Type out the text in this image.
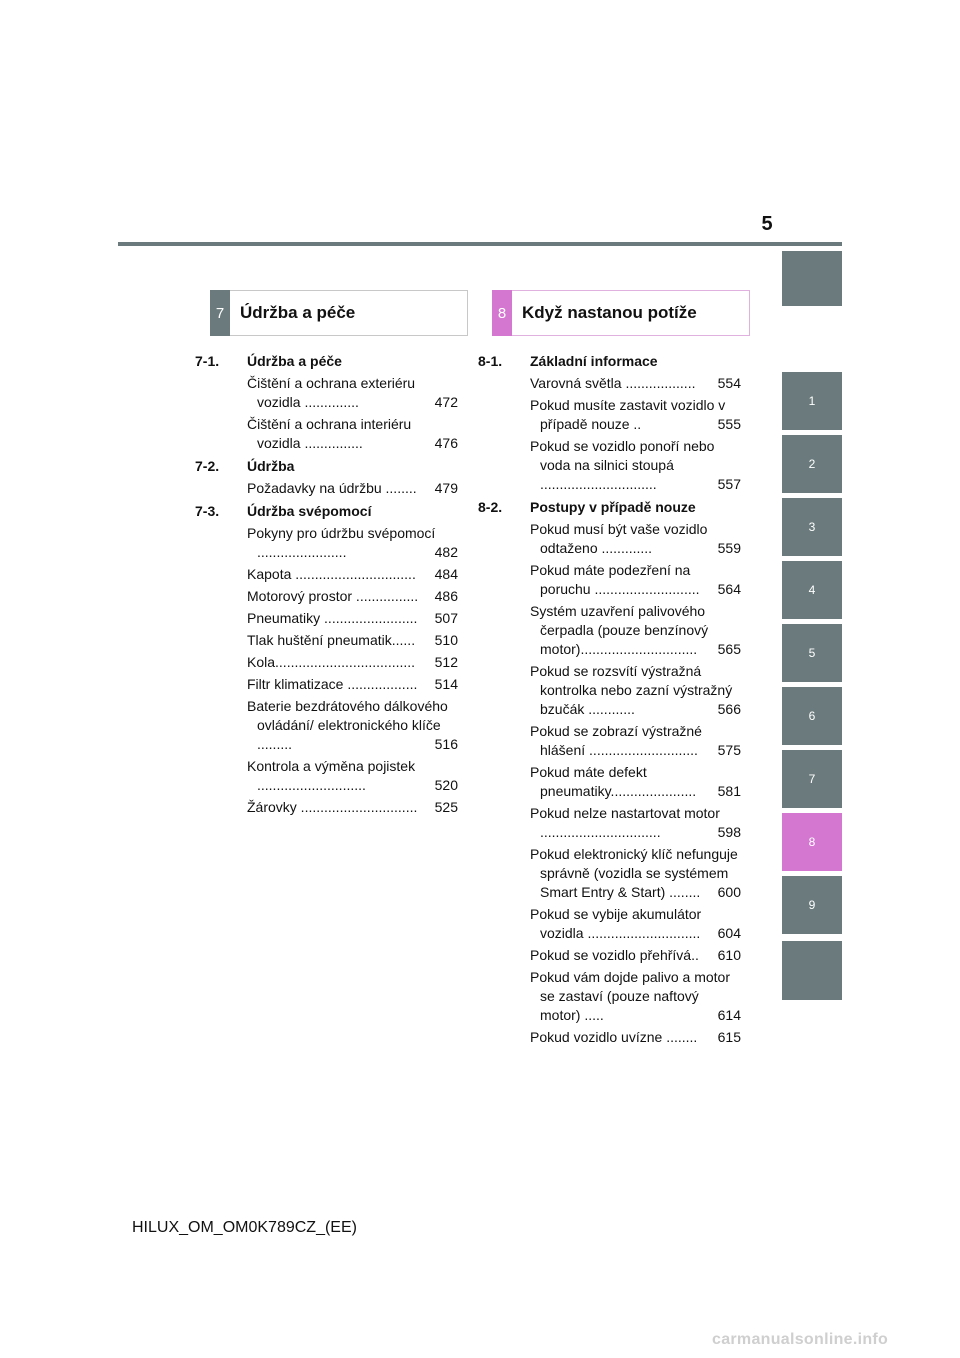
5
1
2
3
4
5
6
7
8
9
7 Údržba a péče	8 Když nastanou potíže
7-1.	Údržba a péče
Čištění a ochrana exteriéru vozidla ..............	472
Čištění a ochrana interiéru vozidla ...............	476
7-2.	Údržba
Požadavky na údržbu ........ 479
7-3.	Údržba svépomocí
Pokyny pro údržbu svépomocí .......................	482
Kapota ............................... 484
Motorový prostor ................ 486
Pneumatiky ........................ 507
Tlak huštění pneumatik...... 510
Kola.................................... 512
Filtr klimatizace .................. 514
Baterie bezdrátového dálkového ovládání/ elektronického klíče .........	516
Kontrola a výměna pojistek ............................	520
Žárovky .............................. 525
8-1.	Základní informace
Varovná světla .................. 554
Pokud musíte zastavit vozidlo v případě nouze ..	555
Pokud se vozidlo ponoří nebo voda na silnici stoupá ..............................	557
8-2.	Postupy v případě nouze
Pokud musí být vaše vozidlo odtaženo .............	559
Pokud máte podezření na poruchu ........................... 564
Systém uzavření palivového čerpadla (pouze benzínový motor).............................. 565
Pokud se rozsvítí výstražná kontrolka nebo zazní výstražný bzučák ............	566
Pokud se zobrazí výstražné hlášení ............................ 575
Pokud máte defekt pneumatiky...................... 581
Pokud nelze nastartovat motor ...............................	598
Pokud elektronický klíč nefunguje správně (vozidla se systémem Smart Entry & Start) ........ 600
Pokud se vybije akumulátor vozidla ............................. 604
Pokud se vozidlo přehřívá.. 610
Pokud vám dojde palivo a motor se zastaví (pouze naftový motor) .....	614
Pokud vozidlo uvízne ........ 615
HILUX_OM_OM0K789CZ_(EE)
carmanualsonline.info
